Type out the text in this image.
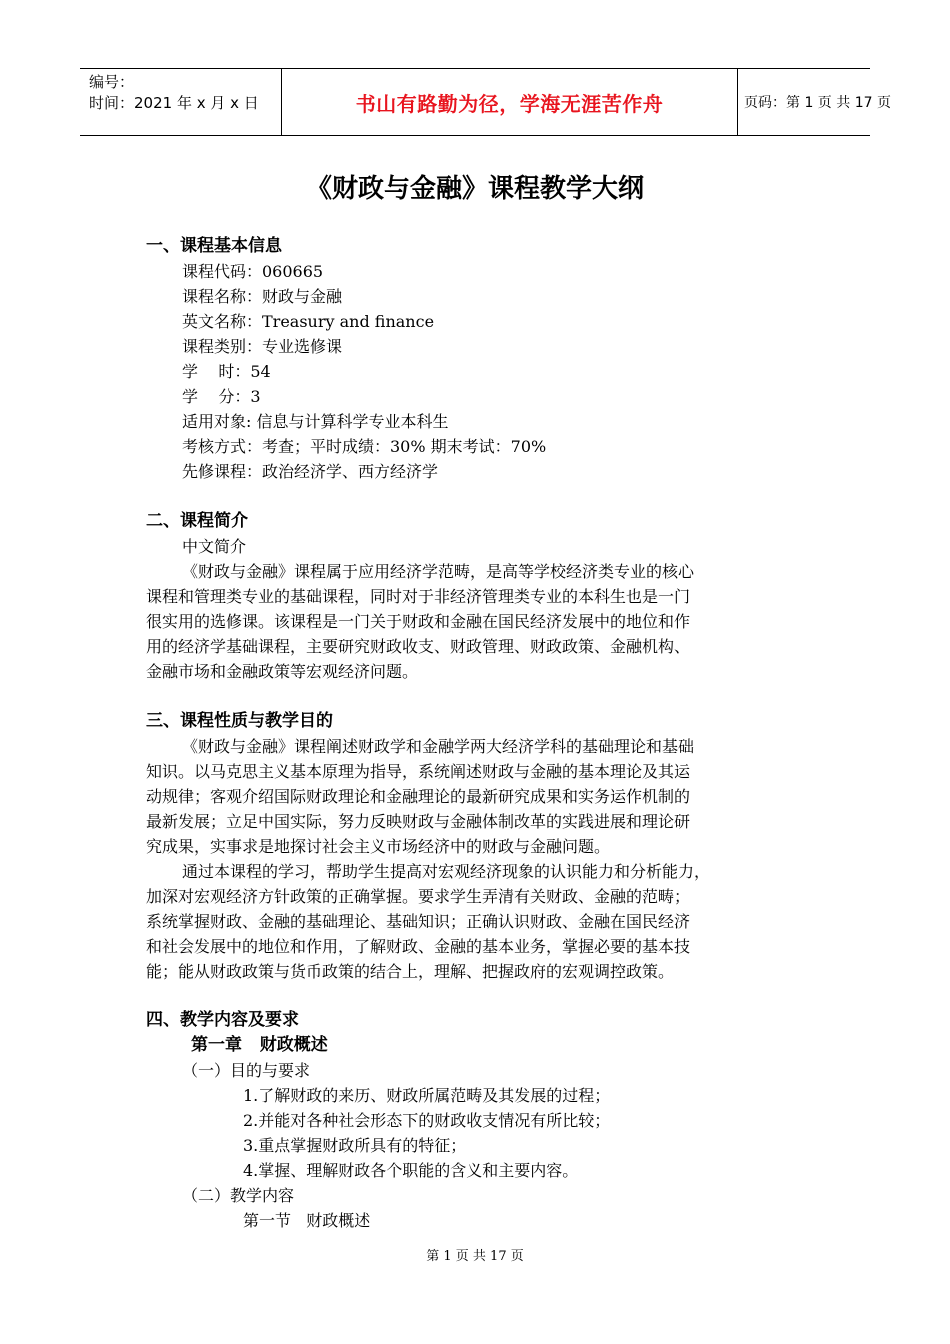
编号：
时间：2021 年 x 月 x 日	书山有路勤为径，学海无涯苦作舟	页码：第 1 页 共 17 页
《财政与金融》课程教学大纲
一、课程基本信息
课程代码：060665
课程名称：财政与金融
英文名称：Treasury and finance
课程类别：专业选修课
学    时：54
学    分：3
适用对象: 信息与计算科学专业本科生
考核方式：考查；平时成绩：30% 期末考试：70%
先修课程：政治经济学、西方经济学
二、课程简介
中文简介
《财政与金融》课程属于应用经济学范畴，是高等学校经济类专业的核心
课程和管理类专业的基础课程，同时对于非经济管理类专业的本科生也是一门
很实用的选修课。该课程是一门关于财政和金融在国民经济发展中的地位和作
用的经济学基础课程，主要研究财政收支、财政管理、财政政策、金融机构、
金融市场和金融政策等宏观经济问题。
三、课程性质与教学目的
《财政与金融》课程阐述财政学和金融学两大经济学科的基础理论和基础
知识。以马克思主义基本原理为指导，系统阐述财政与金融的基本理论及其运
动规律；客观介绍国际财政理论和金融理论的最新研究成果和实务运作机制的
最新发展；立足中国实际，努力反映财政与金融体制改革的实践进展和理论研
究成果，实事求是地探讨社会主义市场经济中的财政与金融问题。
通过本课程的学习，帮助学生提高对宏观经济现象的认识能力和分析能力，
加深对宏观经济方针政策的正确掌握。要求学生弄清有关财政、金融的范畴；
系统掌握财政、金融的基础理论、基础知识；正确认识财政、金融在国民经济
和社会发展中的地位和作用，了解财政、金融的基本业务，掌握必要的基本技
能；能从财政政策与货币政策的结合上，理解、把握政府的宏观调控政策。
四、教学内容及要求
第一章   财政概述
（一）目的与要求
1.了解财政的来历、财政所属范畴及其发展的过程；
2.并能对各种社会形态下的财政收支情况有所比较；
3.重点掌握财政所具有的特征；
4.掌握、理解财政各个职能的含义和主要内容。
（二）教学内容
第一节   财政概述
第 1 页 共 17 页
